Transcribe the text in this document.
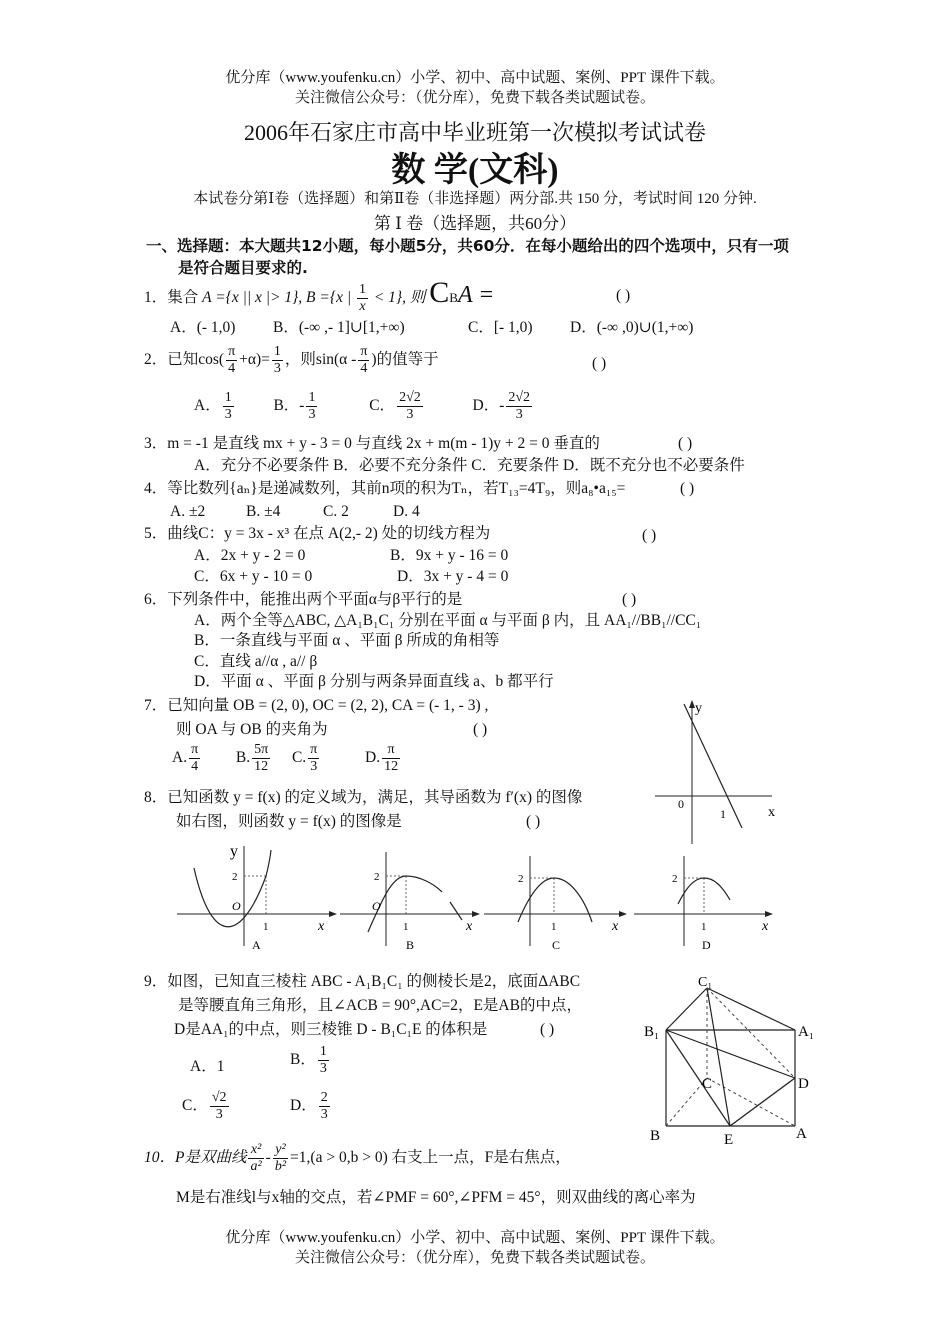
优分库（www.youfenku.cn）小学、初中、高中试题、案例、PPT 课件下载。
关注微信公众号：（优分库），免费下载各类试题试卷。
2006年石家庄市高中毕业班第一次模拟考试试卷
数 学(文科)
本试卷分第Ⅰ卷（选择题）和第Ⅱ卷（非选择题）两分部.共 150 分，考试时间 120 分钟.
第 Ⅰ 卷（选择题，共60分）
一、选择题：本大题共12小题，每小题5分，共60分．在每小题给出的四个选项中，只有一项
是符合题目要求的.
1．集合 A ={x || x |> 1}, B ={x | $\frac{1}{x} < 1$}, 则 CBA =	( )
A．(- 1,0) B．(-∞ ,- 1]∪[1,+∞)	C．[- 1,0) D．(-∞ ,0)∪(1,+∞)
2．已知$\cos( \frac{\pi}{4} +\alpha)= \frac{1}{3}$ ，则$\sin(\alpha - \frac{\pi}{4}$ )的值等于	( )
A． $\frac{1}{3}$	B．- $\frac{1}{3}$	C． $\frac{2√2}{3}$	D．- $\frac{2√2}{3}$
3．m = -1 是直线 mx + y - 3 = 0 与直线 2x + m(m - 1)y + 2 = 0 垂直的	( )
A．充分不必要条件 B．必要不充分条件 C．充要条件 D．既不充分也不必要条件
4．等比数列{aₙ}是递减数列，其前n项的积为Tₙ，若T₁₃=4T₉，则a₈•a₁₅=	( )
A. ±2	B. ±4	C. 2	D. 4
5．曲线C：y = 3x - x³ 在点 A(2,- 2) 处的切线方程为	( )
A．2x + y - 2 = 0	B．9x + y - 16 = 0
C．6x + y - 10 = 0	D．3x + y - 4 = 0
6．下列条件中，能推出两个平面α与β平行的是	( )
A．两个全等△ABC, △A₁B₁C₁ 分别在平面 α 与平面 β 内，且 AA₁//BB₁//CC₁
B．一条直线与平面 α 、平面 β 所成的角相等
C．直线 a//α , a// β
D．平面 α 、平面 β 分别与两条异面直线 a、b 都平行
7．已知向量 OB = (2, 0), OC = (2, 2), CA = (- 1, - 3) ,
则 OA 与 OB 的夹角为	( )
A. $\frac{\pi}{4} B$. $\frac{5\pi}{12} C$. $\frac{\pi}{3}$	D. $\frac{\pi}{12}$
y
x
0
1
8．已知函数 y = f(x) 的定义域为，满足，其导函数为 f′(x) 的图像
如右图，则函数 y = f(x) 的图像是	( )
y
2
O
1	x
A
2
O
1	x
B
2
1	x
C
2
1	x
D
9．如图，已知直三棱柱 ABC - A₁B₁C₁ 的侧棱长是2，底面ΔABC
是等腰直角三角形，且∠ACB = 90°,AC=2，E是AB的中点，
D是AA₁的中点，则三棱锥 D - B₁C₁E 的体积是	( )
A．1	B． $\frac{1}{3}$
C． $\frac{√2}{3}$	D． $\frac{2}{3}$
C₁
B₁	A₁
C	D
B	E	A
10．P是双曲线 $\frac{\text{x²}}{\text{a²}} - \frac{\text{y²}}{\text{b²}} =1,(a > 0,b > 0)$ 右支上一点，F是右焦点，
M是右准线l与x轴的交点，若∠PMF = 60°,∠PFM = 45°，则双曲线的离心率为
优分库（www.youfenku.cn）小学、初中、高中试题、案例、PPT 课件下载。
关注微信公众号：（优分库），免费下载各类试题试卷。
